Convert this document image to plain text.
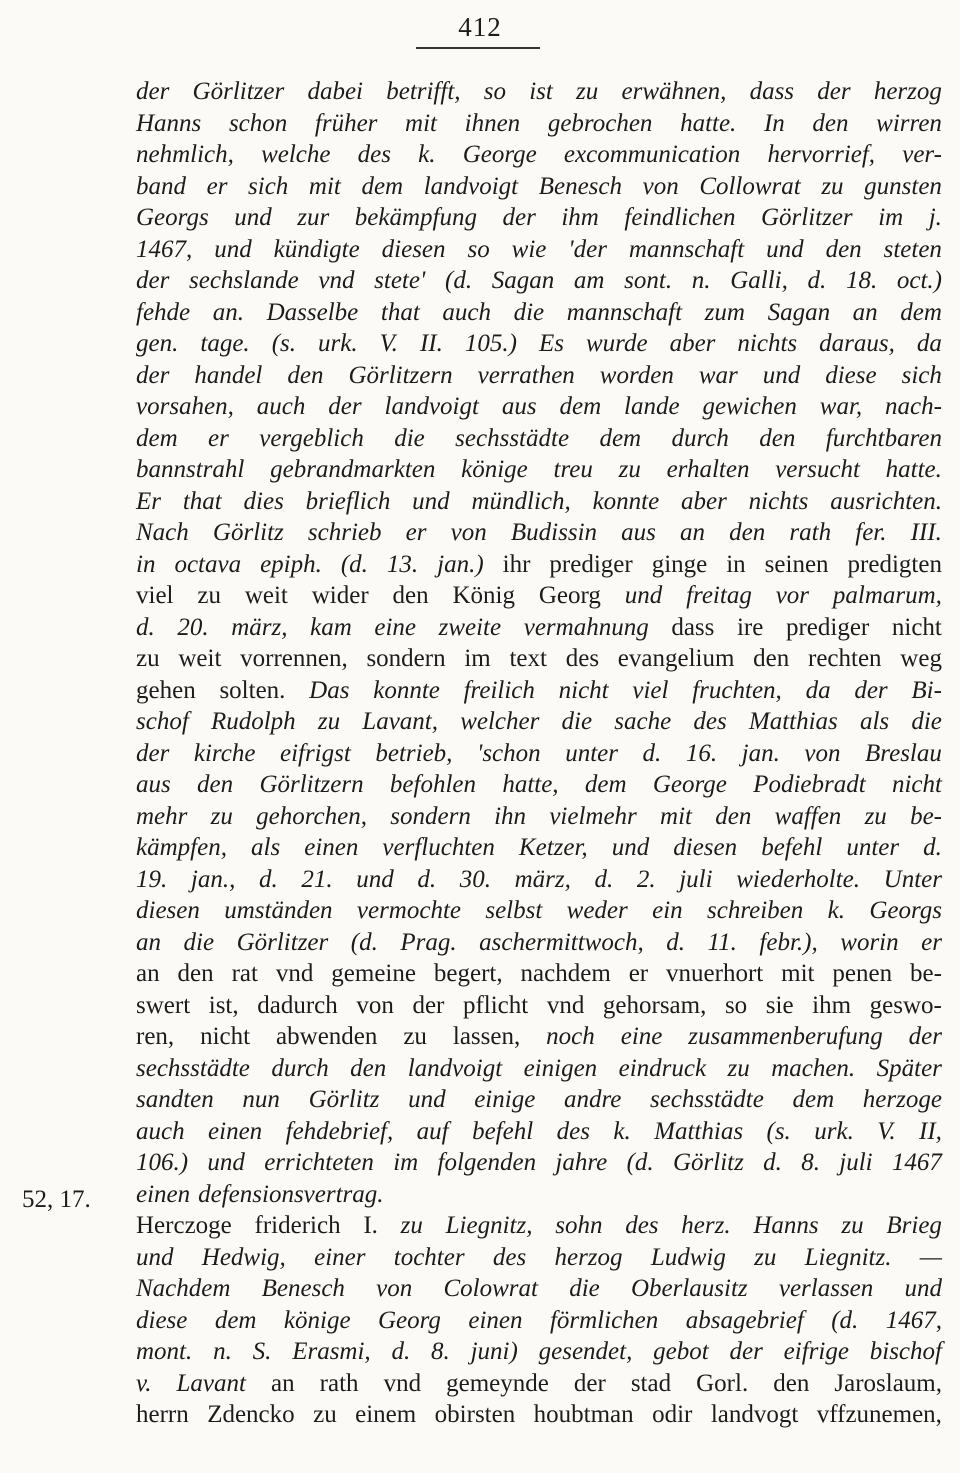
412
52, 17.
der Görlitzer dabei betrifft, so ist zu erwähnen, dass der herzog
Hanns schon früher mit ihnen gebrochen hatte. In den wirren
nehmlich, welche des k. George excommunication hervorrief, ver-
band er sich mit dem landvoigt Benesch von Collowrat zu gunsten
Georgs und zur bekämpfung der ihm feindlichen Görlitzer im j.
1467, und kündigte diesen so wie 'der mannschaft und den steten
der sechslande vnd stete' (d. Sagan am sont. n. Galli, d. 18. oct.)
fehde an. Dasselbe that auch die mannschaft zum Sagan an dem
gen. tage. (s. urk. V. II. 105.) Es wurde aber nichts daraus, da
der handel den Görlitzern verrathen worden war und diese sich
vorsahen, auch der landvoigt aus dem lande gewichen war, nach-
dem er vergeblich die sechsstädte dem durch den furchtbaren
bannstrahl gebrandmarkten könige treu zu erhalten versucht hatte.
Er that dies brieflich und mündlich, konnte aber nichts ausrichten.
Nach Görlitz schrieb er von Budissin aus an den rath fer. III.
in octava epiph. (d. 13. jan.) ihr prediger ginge in seinen predigten
viel zu weit wider den König Georg und freitag vor palmarum,
d. 20. märz, kam eine zweite vermahnung dass ire prediger nicht
zu weit vorrennen, sondern im text des evangelium den rechten weg
gehen solten. Das konnte freilich nicht viel fruchten, da der Bi-
schof Rudolph zu Lavant, welcher die sache des Matthias als die
der kirche eifrigst betrieb, 'schon unter d. 16. jan. von Breslau
aus den Görlitzern befohlen hatte, dem George Podiebradt nicht
mehr zu gehorchen, sondern ihn vielmehr mit den waffen zu be-
kämpfen, als einen verfluchten Ketzer, und diesen befehl unter d.
19. jan., d. 21. und d. 30. märz, d. 2. juli wiederholte. Unter
diesen umständen vermochte selbst weder ein schreiben k. Georgs
an die Görlitzer (d. Prag. aschermittwoch, d. 11. febr.), worin er
an den rat vnd gemeine begert, nachdem er vnuerhort mit penen be-
swert ist, dadurch von der pflicht vnd gehorsam, so sie ihm geswo-
ren, nicht abwenden zu lassen, noch eine zusammenberufung der
sechsstädte durch den landvoigt einigen eindruck zu machen. Später
sandten nun Görlitz und einige andre sechsstädte dem herzoge
auch einen fehdebrief, auf befehl des k. Matthias (s. urk. V. II,
106.) und errichteten im folgenden jahre (d. Görlitz d. 8. juli 1467
einen defensionsvertrag.
Herczoge friderich I. zu Liegnitz, sohn des herz. Hanns zu Brieg
und Hedwig, einer tochter des herzog Ludwig zu Liegnitz. —
Nachdem Benesch von Colowrat die Oberlausitz verlassen und
diese dem könige Georg einen förmlichen absagebrief (d. 1467,
mont. n. S. Erasmi, d. 8. juni) gesendet, gebot der eifrige bischof
v. Lavant an rath vnd gemeynde der stad Gorl. den Jaroslaum,
herrn Zdencko zu einem obirsten houbtman odir landvogt vffzunemen,
